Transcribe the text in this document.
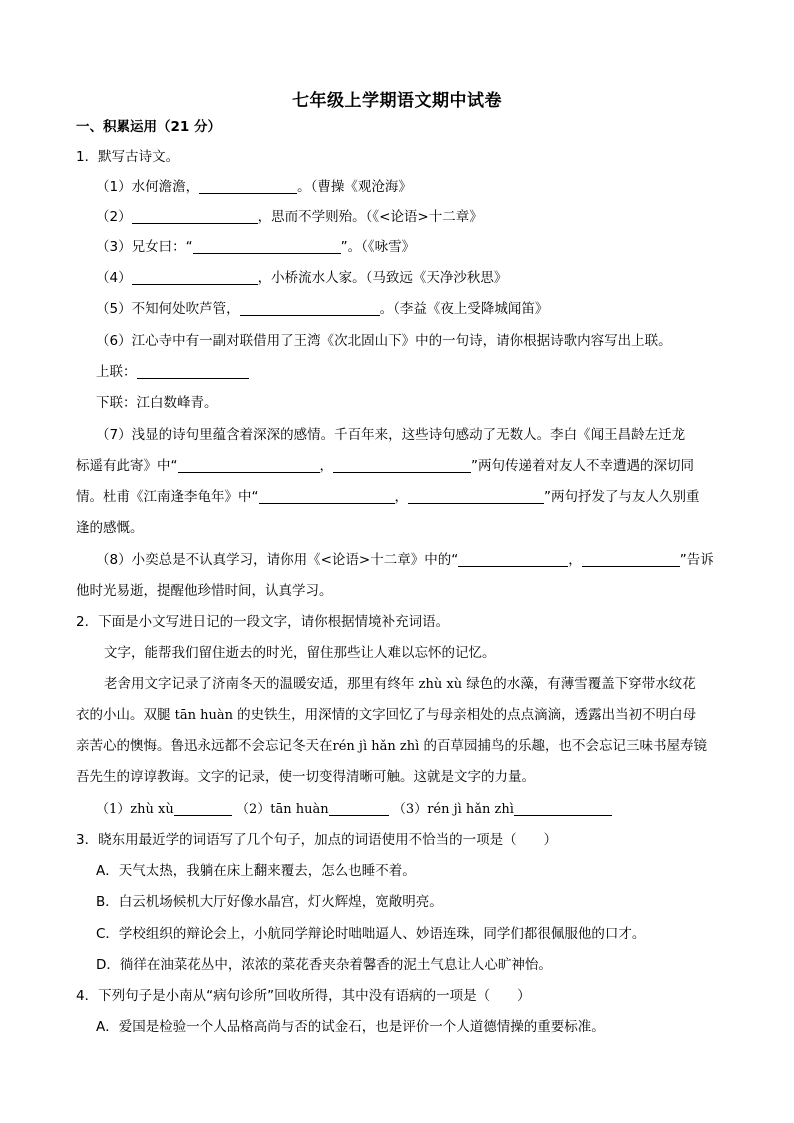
七年级上学期语文期中试卷
一、积累运用（21 分）
1．默写古诗文。
（1）水何澹澹，	。（曹操《观沧海》
（2）	，思而不学则殆。（《<论语>十二章》
（3）兄女曰：“	”。（《咏雪》
（4）	，小桥流水人家。（马致远《天净沙秋思》
（5）不知何处吹芦管，	。（李益《夜上受降城闻笛》
（6）江心寺中有一副对联借用了王湾《次北固山下》中的一句诗，请你根据诗歌内容写出上联。
上联：
下联：江白数峰青。
（7）浅显的诗句里蕴含着深深的感情。千百年来，这些诗句感动了无数人。李白《闻王昌龄左迁龙
标遥有此寄》中“	，	”两句传递着对友人不幸遭遇的深切同
情。杜甫《江南逢李龟年》中“	，	”两句抒发了与友人久别重
逢的感慨。
（8）小奕总是不认真学习，请你用《<论语>十二章》中的“	，	”告诉
他时光易逝，提醒他珍惜时间，认真学习。
2．下面是小文写进日记的一段文字，请你根据情境补充词语。
文字，能帮我们留住逝去的时光，留住那些让人难以忘怀的记忆。
老舍用文字记录了济南冬天的温暖安适，那里有终年 zhù xù 绿色的水藻，有薄雪覆盖下穿带水纹花
衣的小山。双腿 tān huàn 的史铁生，用深情的文字回忆了与母亲相处的点点滴滴，透露出当初不明白母
亲苦心的懊悔。鲁迅永远都不会忘记冬天在rén jì hǎn zhì 的百草园捕鸟的乐趣，也不会忘记三味书屋寿镜
吾先生的谆谆教诲。文字的记录，使一切变得清晰可触。这就是文字的力量。
（1）zhù xù	（2）tān huàn	（3）rén jì hǎn zhì
3．晓东用最近学的词语写了几个句子，加点的词语使用不恰当的一项是（　　）
A．天气太热，我躺在床上翻来覆去，怎么也睡不着。
B．白云机场候机大厅好像水晶宫，灯火辉煌，宽敞明亮。
C．学校组织的辩论会上，小航同学辩论时咄咄逼人、妙语连珠，同学们都很佩服他的口才。
D．徜徉在油菜花丛中，浓浓的菜花香夹杂着馨香的泥土气息让人心旷神怡。
4．下列句子是小南从“病句诊所”回收所得，其中没有语病的一项是（　　）
A．爱国是检验一个人品格高尚与否的试金石，也是评价一个人道德情操的重要标准。
